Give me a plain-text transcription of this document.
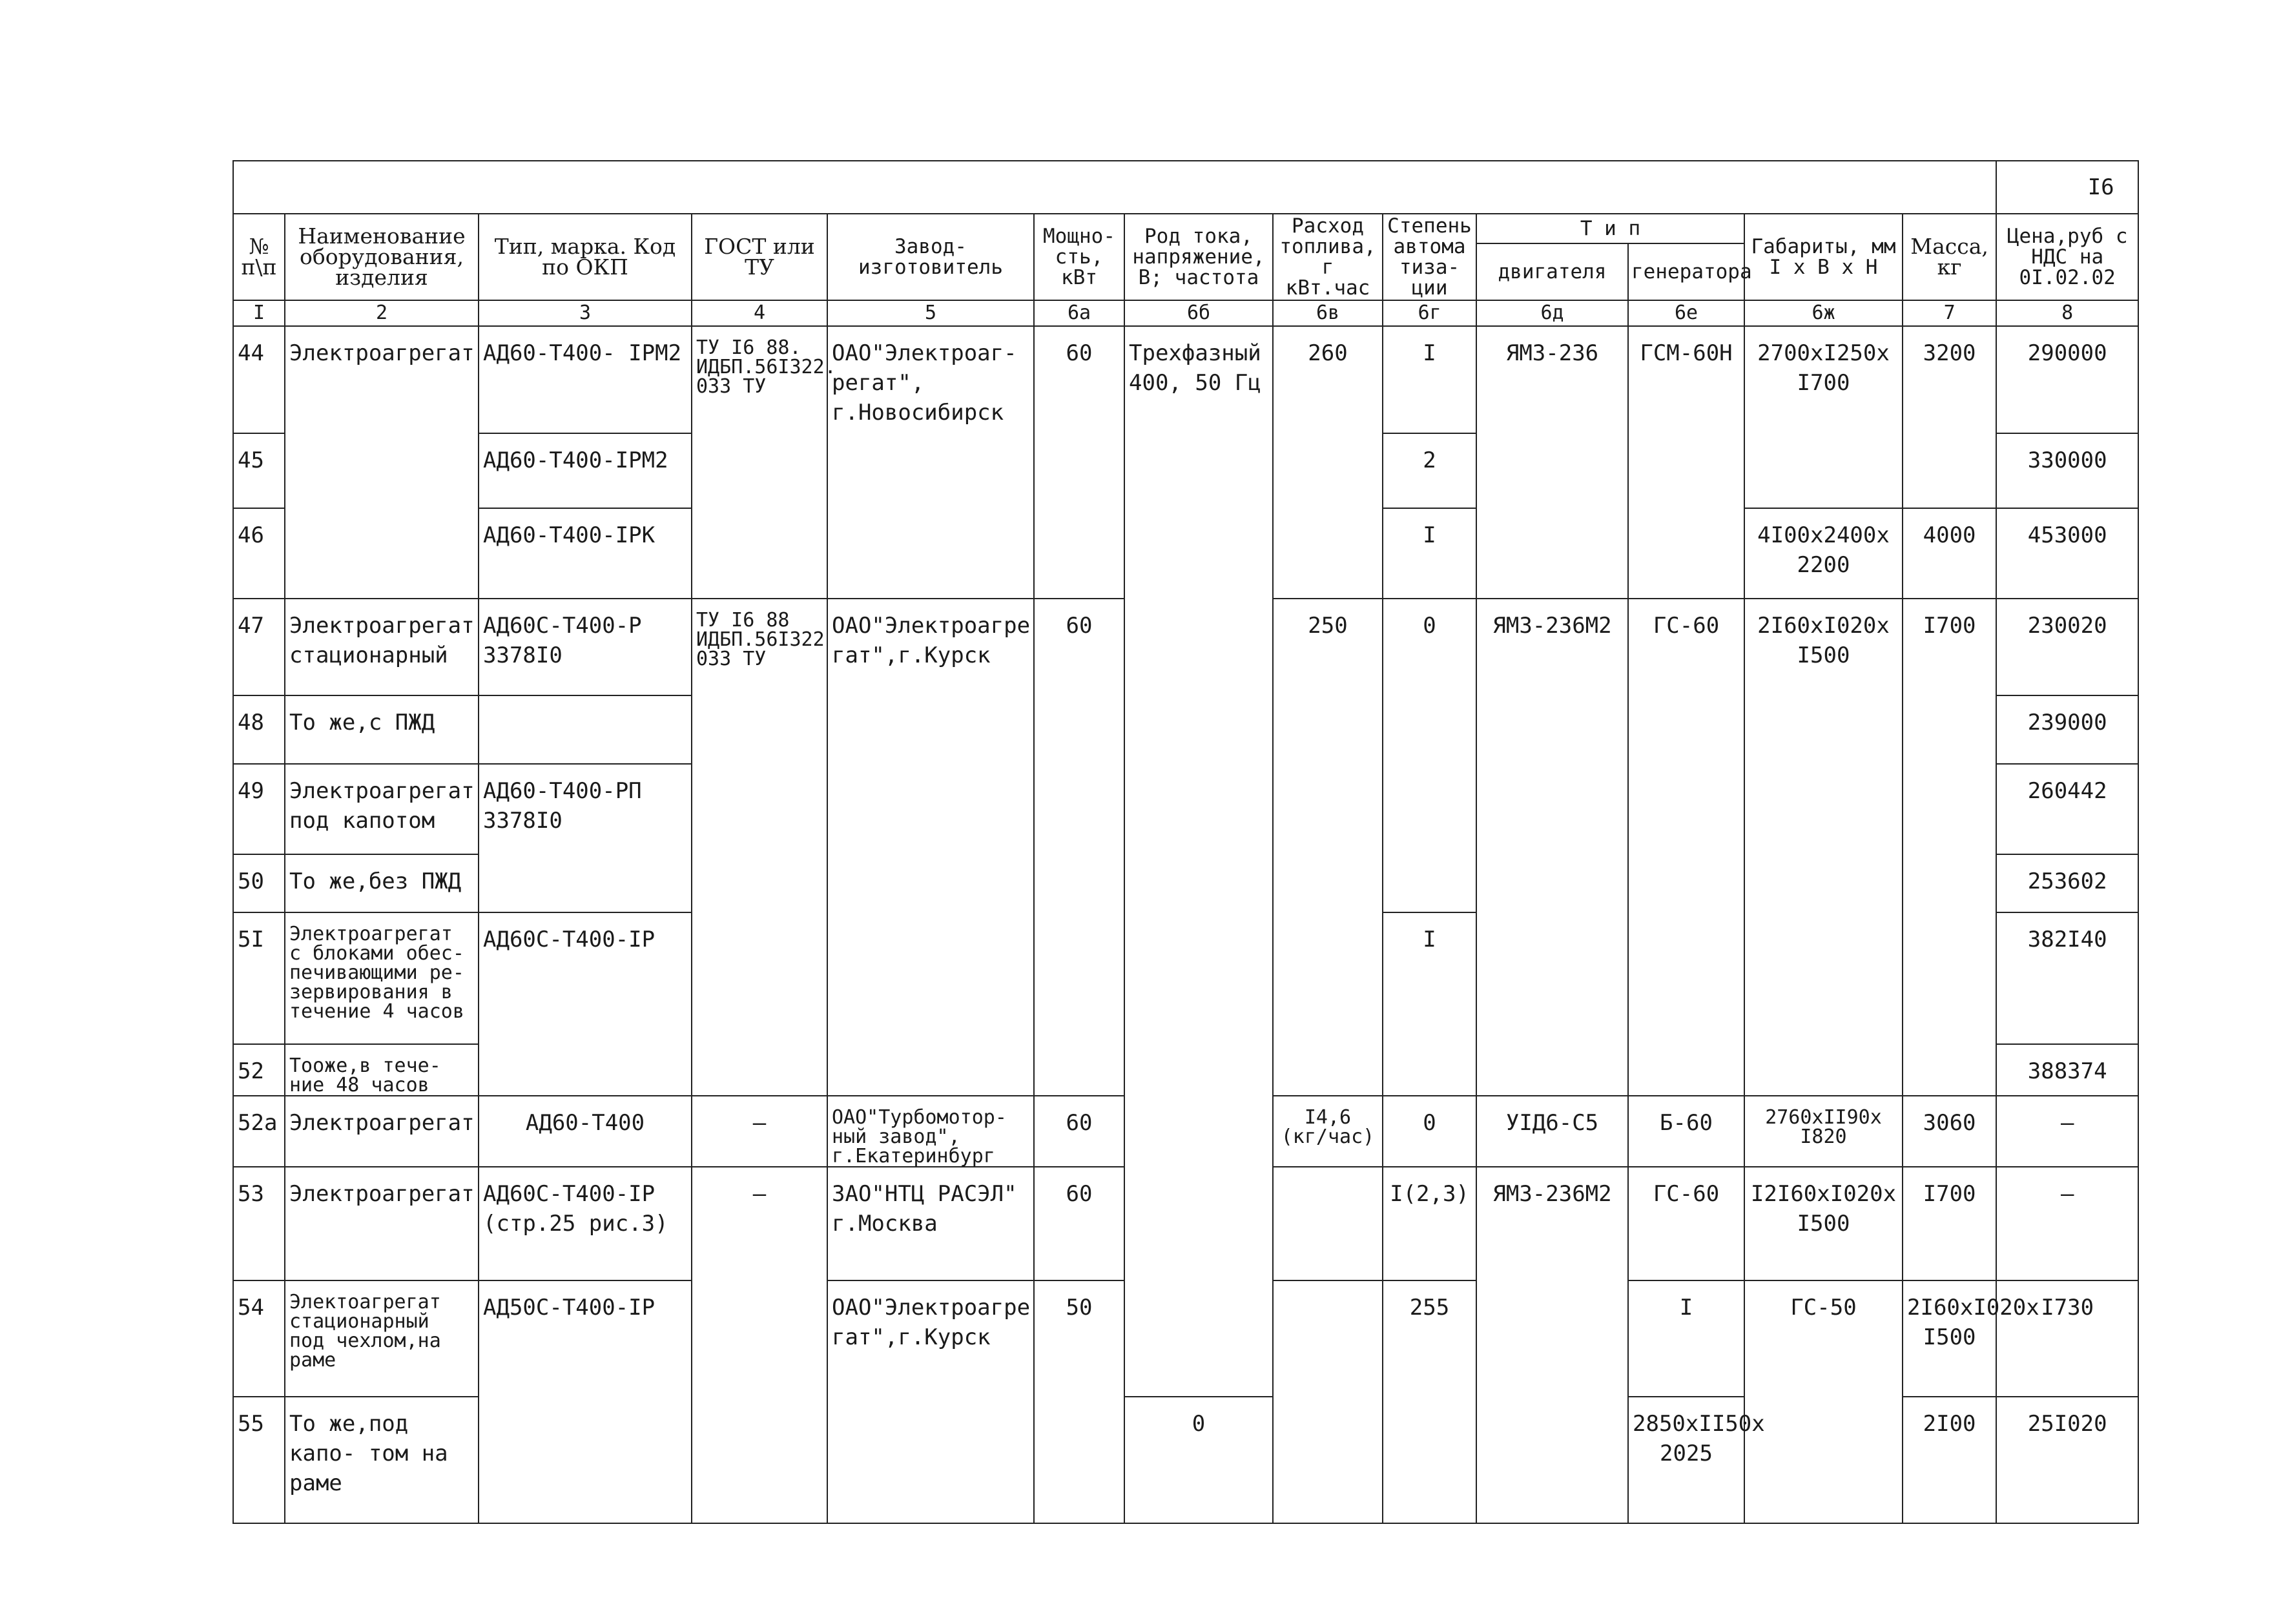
													I6	
№ п\п	Наименование оборудования, изделия	Тип, марка. Код по ОКП	ГОСТ или ТУ	Завод- изготовитель	Мощно- сть, кВт	Род тока, напряжение, В; частота	Расход топлива, г кВт.час	Степень автома тиза- ции	Т и п		Габариты, мм I x B x H	Масса, кг	Цена,руб с НДС на 0I.02.02	
									двигателя	генератора				
I	2	3	4	5	6а	6б	6в	6г	6д	6е	6ж	7	8	
44	Электроагрегат	АД60-Т400- IРМ2	ТУ I6 88. ИДБП.56I322. 033 ТУ	ОАО"Электроаг- регат", г.Новосибирск	60	Трехфазный 400, 50 Гц	260	I	ЯМЗ-236	ГСМ-60Н	2700xI250x I700	3200	290000	
45		АД60-Т400-IРМ2						2					330000	
46		АД60-Т400-IРК						I			4I00x2400x 2200	4000	453000	
47	Электроагрегат стационарный	АД60С-Т400-Р 3378I0	ТУ I6 88 ИДБП.56I322 033 ТУ	ОАО"Электроагре гат",г.Курск	60		250	0	ЯМЗ-236М2	ГС-60	2I60xI020x I500	I700	230020	
48	То же,с ПЖД												239000	
49	Электроагрегат под капотом	АД60-Т400-РП 3378I0											260442	
50	То же,без ПЖД												253602	
5I	Электроагрегат с блоками обес- печивающими ре- зервирования в течение 4 часов	АД60С-Т400-IР						I					382I40	
52	Тооже,в тече- ние 48 часов												388374	
52а	Электроагрегат	АД60-Т400	—	ОАО"Турбомотор- ный завод", г.Екатеринбург	60		I4,6 (кг/час)	0	УIД6-С5	Б-60	2760xII90x I820	3060	—	
53	Электроагрегат	АД60С-Т400-IР (стр.25 рис.3)	—	ЗАО"НТЦ РАСЭЛ" г.Москва	60			I(2,3)	ЯМЗ-236М2	ГС-60	I2I60xI020x I500	I700	—	
54	Электоагрегат стационарный под чехлом,на раме	АД50С-Т400-IР		ОАО"Электроагре гат",г.Курск	50			255		I	ГС-50	2I60xI020x I500	I730	
55	То же,под капо- том на раме					0				2850xII50x 2025		2I00	25I020	
